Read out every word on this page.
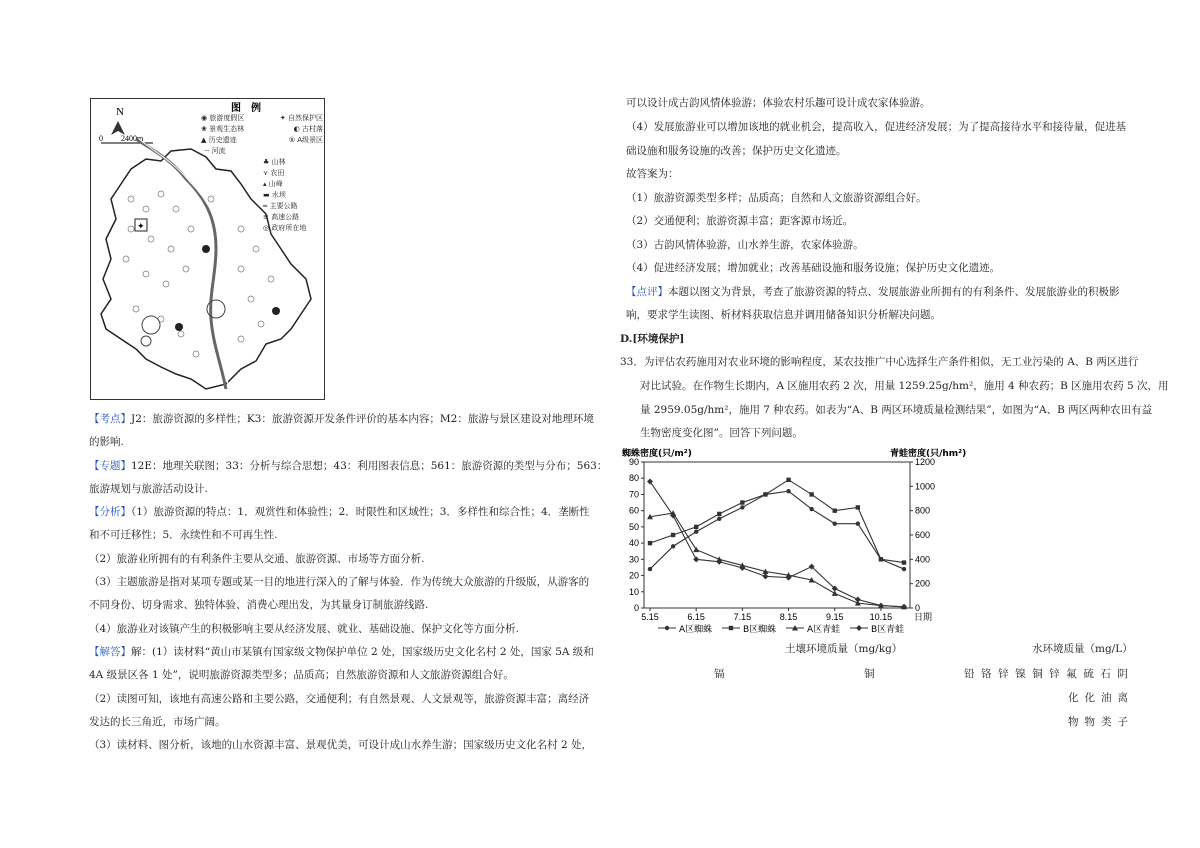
N
0 2400m
✦
图　例
◉ 旅游度假区	✦ 自然保护区
❀ 景观生态林	◐ 古村落
▲ 历史遗迹	⑤ A级景区
┄ 河流
♣ 山林
⋎ 农田
▴ 山峰
▬ 水坝
═ 主要公路
≡ 高速公路
◎ 政府所在地
【考点】J2：旅游资源的多样性；K3：旅游资源开发条件评价的基本内容；M2：旅游与景区建设对地理环境
的影响.
【专题】12E：地理关联图；33：分析与综合思想；43：利用图表信息；561：旅游资源的类型与分布；563：
旅游规划与旅游活动设计.
【分析】（1）旅游资源的特点：1．观赏性和体验性；2．时限性和区域性；3．多样性和综合性；4．垄断性
和不可迁移性；5．永续性和不可再生性.
（2）旅游业所拥有的有利条件主要从交通、旅游资源、市场等方面分析.
（3）主题旅游是指对某项专题或某一目的地进行深入的了解与体验．作为传统大众旅游的升级版，从游客的
不同身份、切身需求、独特体验、消费心理出发，为其量身订制旅游线路.
（4）旅游业对该镇产生的积极影响主要从经济发展、就业、基础设施、保护文化等方面分析.
【解答】解：(1）读材料“黄山市某镇有国家级文物保护单位 2 处，国家级历史文化名村 2 处，国家 5A 级和
4A 级景区各 1 处”，说明旅游资源类型多；品质高；自然旅游资源和人文旅游资源组合好。
（2）读图可知，该地有高速公路和主要公路，交通便利；有自然景观、人文景观等，旅游资源丰富；离经济
发达的长三角近，市场广阔。
（3）读材料、图分析，该地的山水资源丰富、景观优美，可设计成山水养生游；国家级历史文化名村 2 处，
可以设计成古韵风情体验游；体验农村乐趣可设计成农家体验游。
（4）发展旅游业可以增加该地的就业机会，提高收入，促进经济发展；为了提高接待水平和接待量，促进基
础设施和服务设施的改善；保护历史文化遗迹。
故答案为：
（1）旅游资源类型多样；品质高；自然和人文旅游资源组合好。
（2）交通便利；旅游资源丰富；距客源市场近。
（3）古韵风情体验游，山水养生游，农家体验游。
（4）促进经济发展；增加就业；改善基础设施和服务设施；保护历史文化遗迹。
【点评】本题以图文为背景，考查了旅游资源的特点、发展旅游业所拥有的有利条件、发展旅游业的积极影
响，要求学生读图、析材料获取信息并调用储备知识分析解决问题。
D.[环境保护]
33．为评估农药施用对农业环境的影响程度，某农技推广中心选择生产条件相似，无工业污染的 A、B 两区进行
对比试验。在作物生长期内，A 区施用农药 2 次，用量 1259.25g/hm²，施用 4 种农药；B 区施用农药 5 次，用
量 2959.05g/hm²，施用 7 种农药。如表为“A、B 两区环境质量检测结果”，如图为“A、B 两区两种农田有益
生物密度变化图”。回答下列问题。
0
10
20
30
40
50
60
70
80
90
0
200
400
600
800
1000
1200
5.15	6.15	7.15	8.15	9.15	10.15 日期
蜘蛛密度(只/m²)	青蛙密度(只/hm²)
A区蜘蛛	B区蜘蛛	A区青蛙	B区青蛙
土壤环境质量（mg/kg）	水环境质量（mg/L）
镉	铜	铅 铬 锌 镍 铜 锌 氟 硫 石 阴
化 化 油 离
物 物 类 子
